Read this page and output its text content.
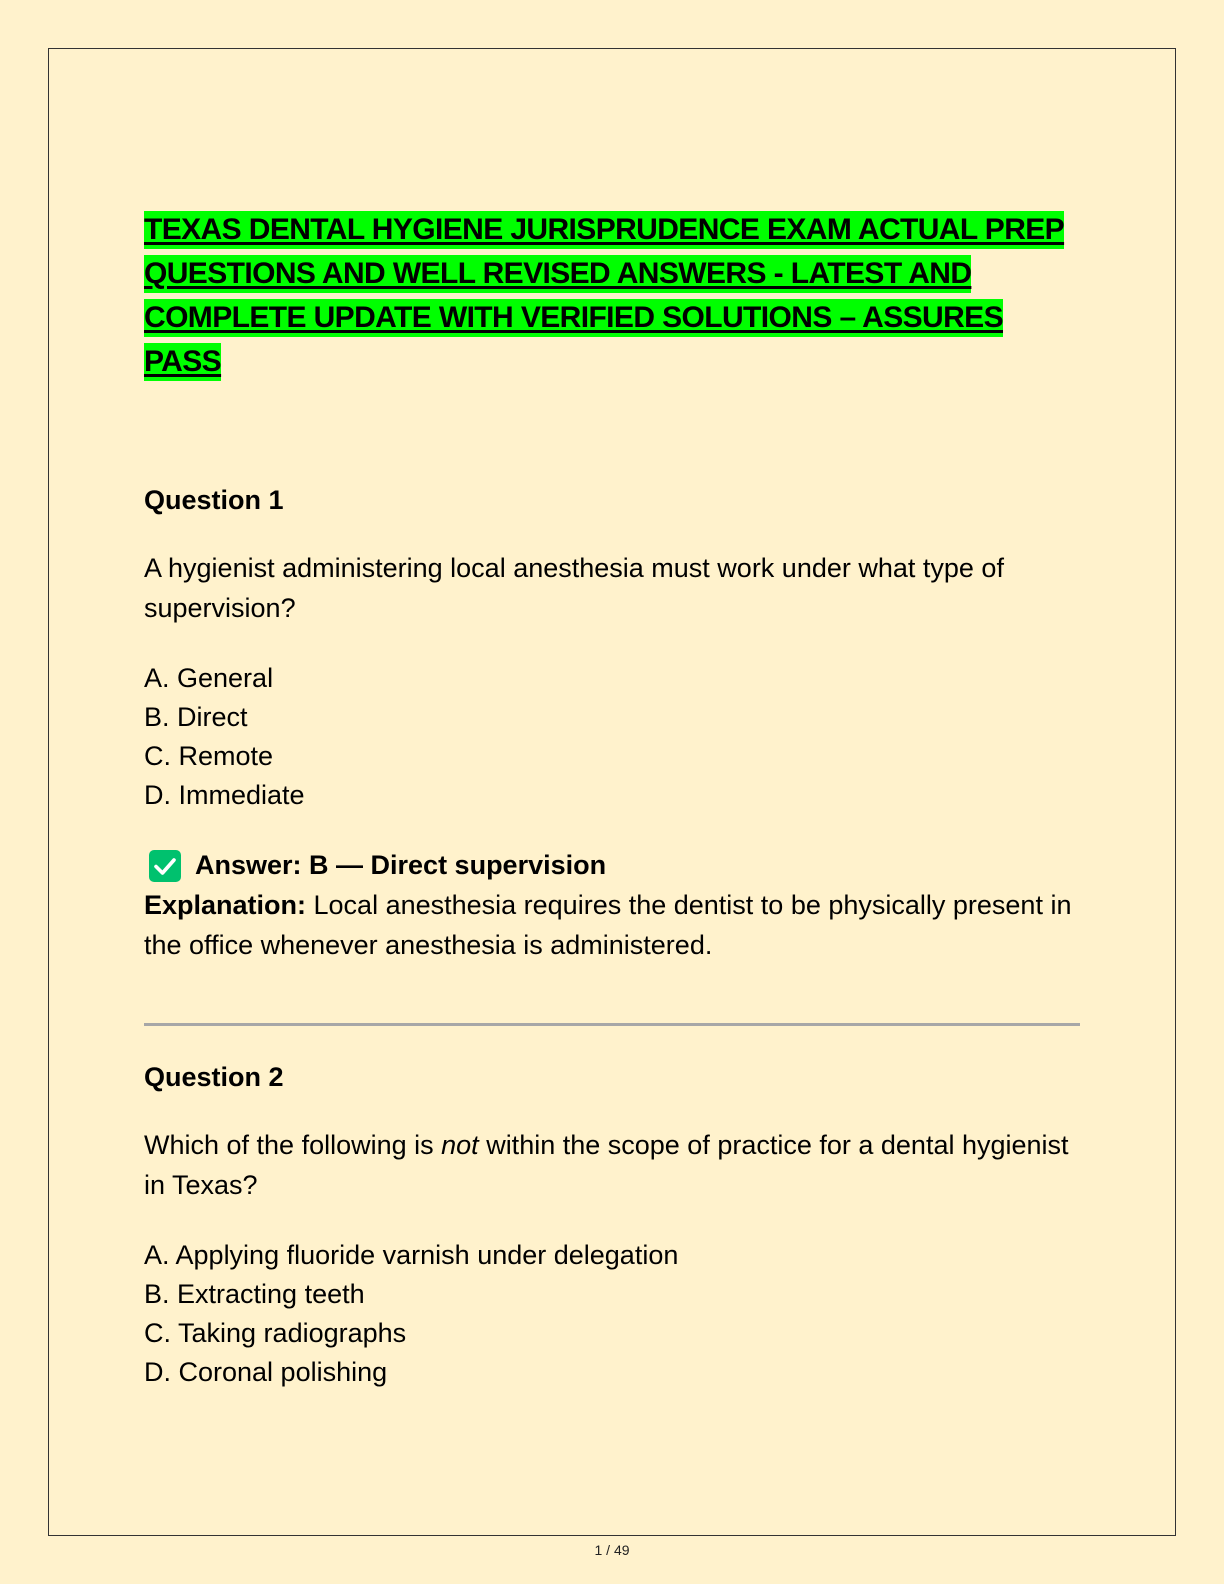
TEXAS DENTAL HYGIENE JURISPRUDENCE EXAM ACTUAL PREP QUESTIONS AND WELL REVISED ANSWERS - LATEST AND COMPLETE UPDATE WITH VERIFIED SOLUTIONS – ASSURES PASS
Question 1

A hygienist administering local anesthesia must work under what type of supervision?

A. General
B. Direct
C. Remote
D. Immediate
Answer: B — Direct supervision

Explanation: Local anesthesia requires the dentist to be physically present in the office whenever anesthesia is administered.

Question 2

Which of the following is not within the scope of practice for a dental hygienist in Texas?

A. Applying fluoride varnish under delegation
B. Extracting teeth
C. Taking radiographs
D. Coronal polishing
1 / 49
